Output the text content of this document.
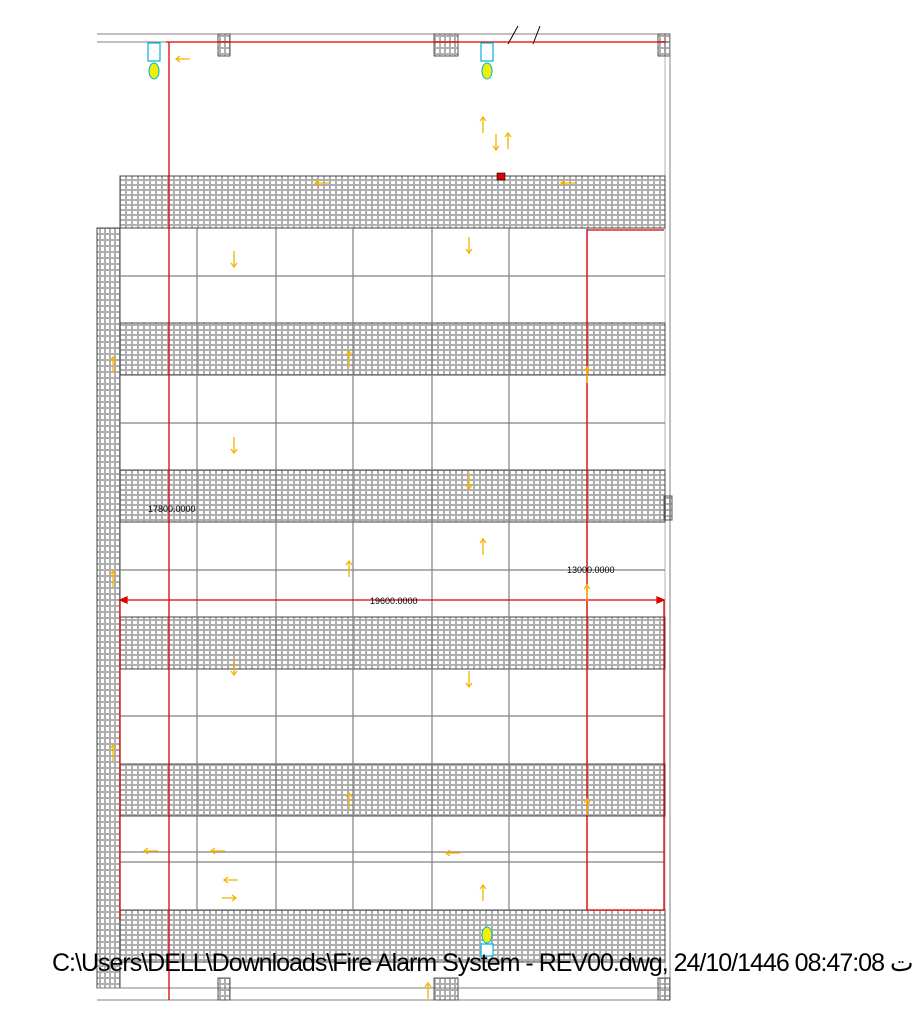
19600.0000
17800.0000
13000.0000
C:\Users\DELL\Downloads\Fire Alarm System - REV00.dwg, 24/10/1446 08:47:08 ت
